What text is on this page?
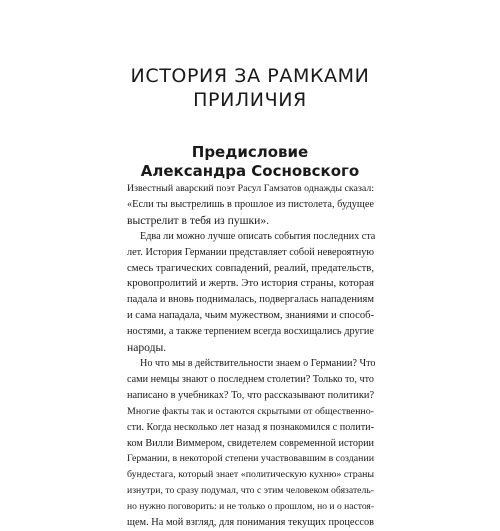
ИСТОРИЯ ЗА РАМКАМИ
ПРИЛИЧИЯ
Предисловие
Александра Сосновского
Известный аварский поэт Расул Гамзатов однажды сказал:
«Если ты выстрелишь в прошлое из пистолета, будущее
выстрелит в тебя из пушки».
Едва ли можно лучше описать события последних ста
лет. История Германии представляет собой невероятную
смесь трагических совпадений, реалий, предательств,
кровопролитий и жертв. Это история страны, которая
падала и вновь поднималась, подвергалась нападениям
и сама нападала, чьим мужеством, знаниями и способ-
ностями, а также терпением всегда восхищались другие
народы.
Но что мы в действительности знаем о Германии? Что
сами немцы знают о последнем столетии? Только то, что
написано в учебниках? То, что рассказывают политики?
Многие факты так и остаются скрытыми от общественно-
сти. Когда несколько лет назад я познакомился с полити-
ком Вилли Виммером, свидетелем современной истории
Германии, в некоторой степени участвовавшим в создании
бундестага, который знает «политическую кухню» страны
изнутри, то сразу подумал, что с этим человеком обязатель-
но нужно поговорить: и не только о прошлом, но и о настоя-
щем. На мой взгляд, для понимания текущих процессов
